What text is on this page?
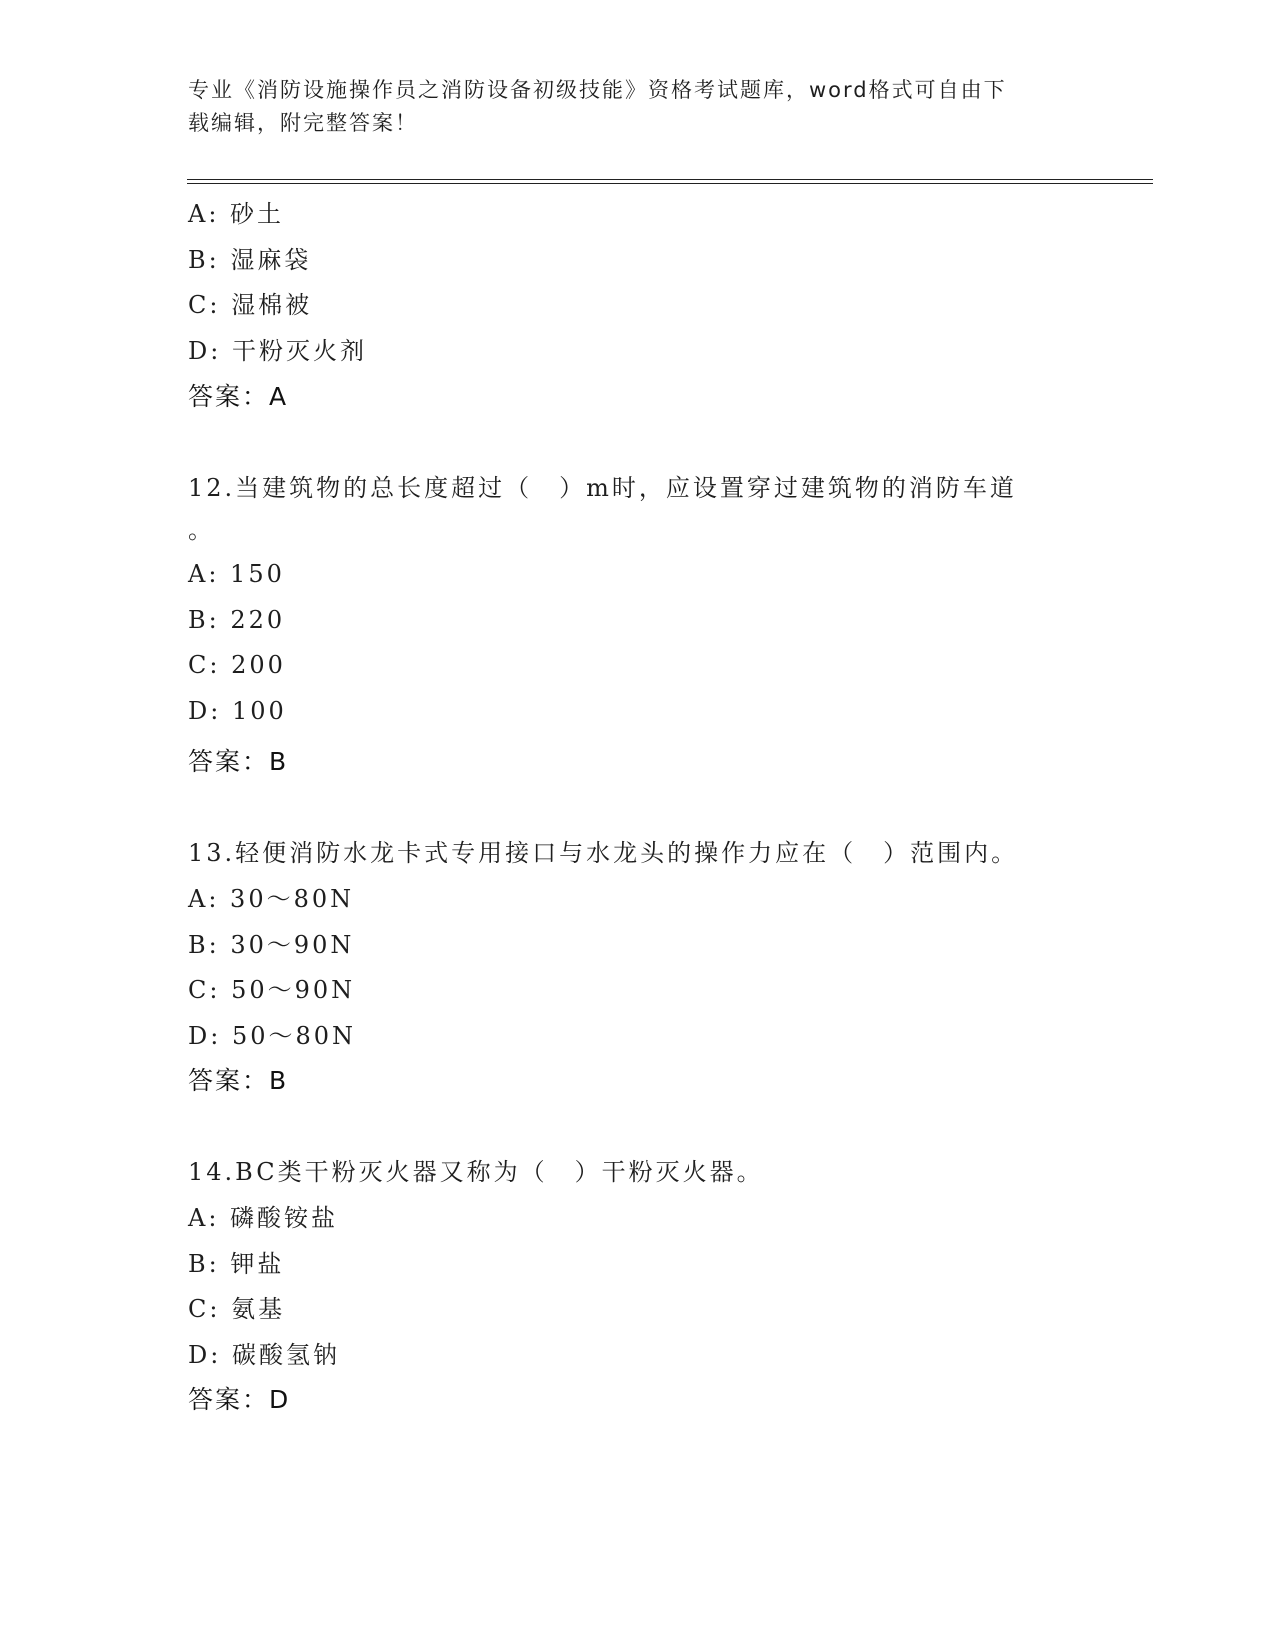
专业《消防设施操作员之消防设备初级技能》资格考试题库，word格式可自由下
载编辑，附完整答案！
A: 砂土
B: 湿麻袋
C: 湿棉被
D: 干粉灭火剂
答案：A
12.当建筑物的总长度超过（　）m时，应设置穿过建筑物的消防车道
。
A: 150
B: 220
C: 200
D: 100
答案：B
13.轻便消防水龙卡式专用接口与水龙头的操作力应在（　）范围内。
A: 30～80N
B: 30～90N
C: 50～90N
D: 50～80N
答案：B
14.BC类干粉灭火器又称为（　）干粉灭火器。
A: 磷酸铵盐
B: 钾盐
C: 氨基
D: 碳酸氢钠
答案：D
